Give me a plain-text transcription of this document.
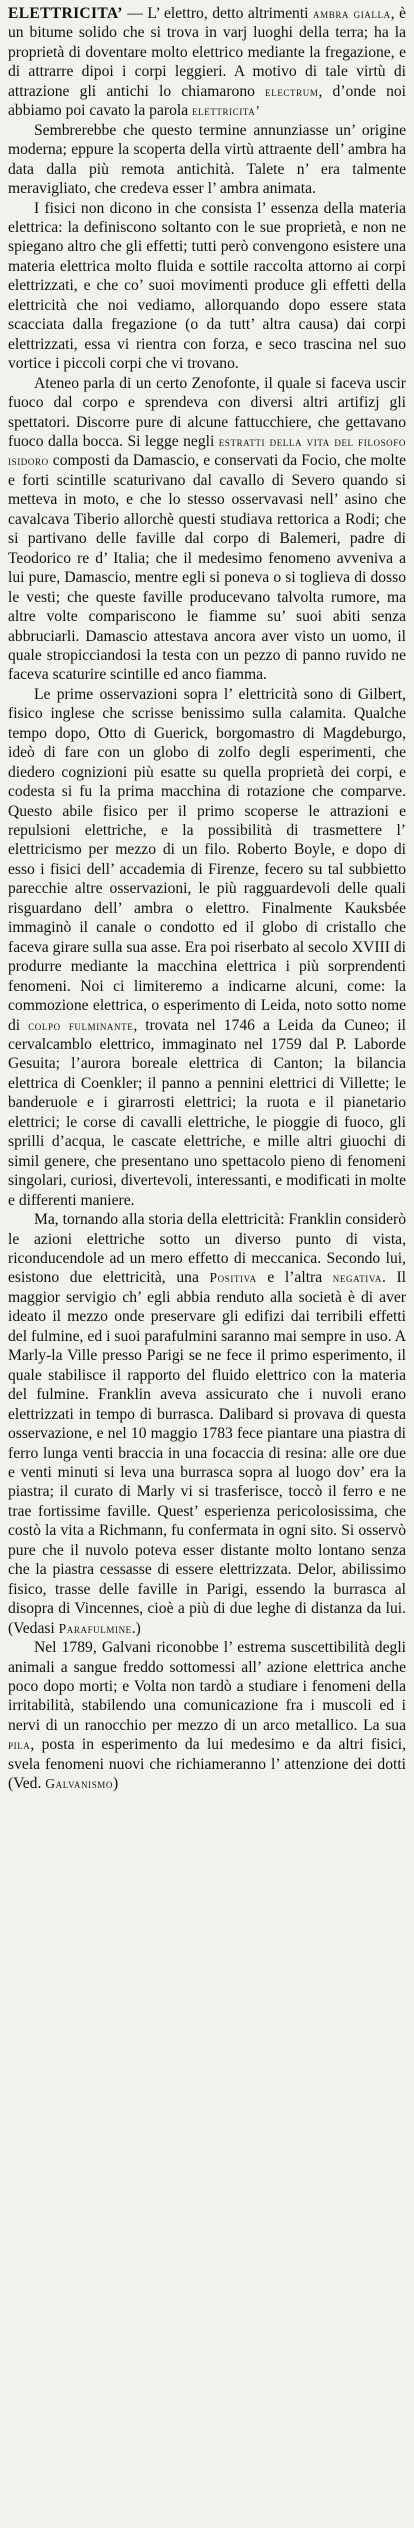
ELETTRICITA’ — L’ elettro, detto altrimenti ambra gialla, è un bitume solido che si trova in varj luoghi della terra; ha la proprietà di doventare molto elettrico mediante la fregazione, e di attrarre dipoi i corpi leggieri. A motivo di tale virtù di attrazione gli antichi lo chiamarono electrum, d’onde noi abbiamo poi cavato la parola elettricita’

Sembrerebbe che questo termine annunziasse un’ origine moderna; eppure la scoperta della virtù attraente dell’ ambra ha data dalla più remota antichità. Talete n’ era talmente meravigliato, che credeva esser l’ ambra animata.

I fisici non dicono in che consista l’ essenza della materia elettrica: la definiscono soltanto con le sue proprietà, e non ne spiegano altro che gli effetti; tutti però convengono esistere una materia elettrica molto fluida e sottile raccolta attorno ai corpi elettrizzati, e che co’ suoi movimenti produce gli effetti della elettricità che noi vediamo, allorquando dopo essere stata scacciata dalla fregazione (o da tutt’ altra causa) dai corpi elettrizzati, essa vi rientra con forza, e seco trascina nel suo vortice i piccoli corpi che vi trovano.

Ateneo parla di un certo Zenofonte, il quale si faceva uscir fuoco dal corpo e sprendeva con diversi altri artifizj gli spettatori. Discorre pure di alcune fattucchiere, che gettavano fuoco dalla bocca. Si legge negli estratti della vita del filosofo isidoro composti da Damascio, e conservati da Focio, che molte e forti scintille scaturivano dal cavallo di Severo quando si metteva in moto, e che lo stesso osservavasi nell’ asino che cavalcava Tiberio allorchè questi studiava rettorica a Rodi; che si partivano delle faville dal corpo di Balemeri, padre di Teodorico re d’ Italia; che il medesimo fenomeno avveniva a lui pure, Damascio, mentre egli si poneva o si toglieva di dosso le vesti; che queste faville producevano talvolta rumore, ma altre volte compariscono le fiamme su’ suoi abiti senza abbruciarli. Damascio attestava ancora aver visto un uomo, il quale stropicciandosi la testa con un pezzo di panno ruvido ne faceva scaturire scintille ed anco fiamma.

Le prime osservazioni sopra l’ elettricità sono di Gilbert, fisico inglese che scrisse benissimo sulla calamita. Qualche tempo dopo, Otto di Guerick, borgomastro di Magdeburgo, ideò di fare con un globo di zolfo degli esperimenti, che diedero cognizioni più esatte su quella proprietà dei corpi, e codesta si fu la prima macchina di rotazione che comparve. Questo abile fisico per il primo scoperse le attrazioni e repulsioni elettriche, e la possibilità di trasmettere l’ elettricismo per mezzo di un filo. Roberto Boyle, e dopo di esso i fisici dell’ accademia di Firenze, fecero su tal subbietto parecchie altre osservazioni, le più ragguardevoli delle quali risguardano dell’ ambra o elettro. Finalmente Kauksbée immaginò il canale o condotto ed il globo di cristallo che faceva girare sulla sua asse. Era poi riserbato al secolo XVIII di produrre mediante la macchina elettrica i più sorprendenti fenomeni. Noi ci limiteremo a indicarne alcuni, come: la commozione elettrica, o esperimento di Leida, noto sotto nome di colpo fulminante, trovata nel 1746 a Leida da Cuneo; il cervalcamblo elettrico, immaginato nel 1759 dal P. Laborde Gesuita; l’aurora boreale elettrica di Canton; la bilancia elettrica di Coenkler; il panno a pennini elettrici di Villette; le banderuole e i girarrosti elettrici; la ruota e il pianetario elettrici; le corse di cavalli elettriche, le pioggie di fuoco, gli sprilli d’acqua, le cascate elettriche, e mille altri giuochi di simil genere, che presentano uno spettacolo pieno di fenomeni singolari, curiosi, divertevoli, interessanti, e modificati in molte e differenti maniere.

Ma, tornando alla storia della elettricità: Franklin considerò le azioni elettriche sotto un diverso punto di vista, riconducendole ad un mero effetto di meccanica. Secondo lui, esistono due elettricità, una Positiva e l’altra negativa. Il maggior servigio ch’ egli abbia renduto alla società è di aver ideato il mezzo onde preservare gli edifizi dai terribili effetti del fulmine, ed i suoi parafulmini saranno mai sempre in uso. A Marly-la Ville presso Parigi se ne fece il primo esperimento, il quale stabilisce il rapporto del fluido elettrico con la materia del fulmine. Franklin aveva assicurato che i nuvoli erano elettrizzati in tempo di burrasca. Dalibard si provava di questa osservazione, e nel 10 maggio 1783 fece piantare una piastra di ferro lunga venti braccia in una focaccia di resina: alle ore due e venti minuti si leva una burrasca sopra al luogo dov’ era la piastra; il curato di Marly vi si trasferisce, toccò il ferro e ne trae fortissime faville. Quest’ esperienza pericolosissima, che costò la vita a Richmann, fu confermata in ogni sito. Si osservò pure che il nuvolo poteva esser distante molto lontano senza che la piastra cessasse di essere elettrizzata. Delor, abilissimo fisico, trasse delle faville in Parigi, essendo la burrasca al disopra di Vincennes, cioè a più di due leghe di distanza da lui. (Vedasi Parafulmine.)

Nel 1789, Galvani riconobbe l’ estrema suscettibilità degli animali a sangue freddo sottomessi all’ azione elettrica anche poco dopo morti; e Volta non tardò a studiare i fenomeni della irritabilità, stabilendo una comunicazione fra i muscoli ed i nervi di un ranocchio per mezzo di un arco metallico. La sua pila, posta in esperimento da lui medesimo e da altri fisici, svela fenomeni nuovi che richiameranno l’ attenzione dei dotti (Ved. Galvanismo)
